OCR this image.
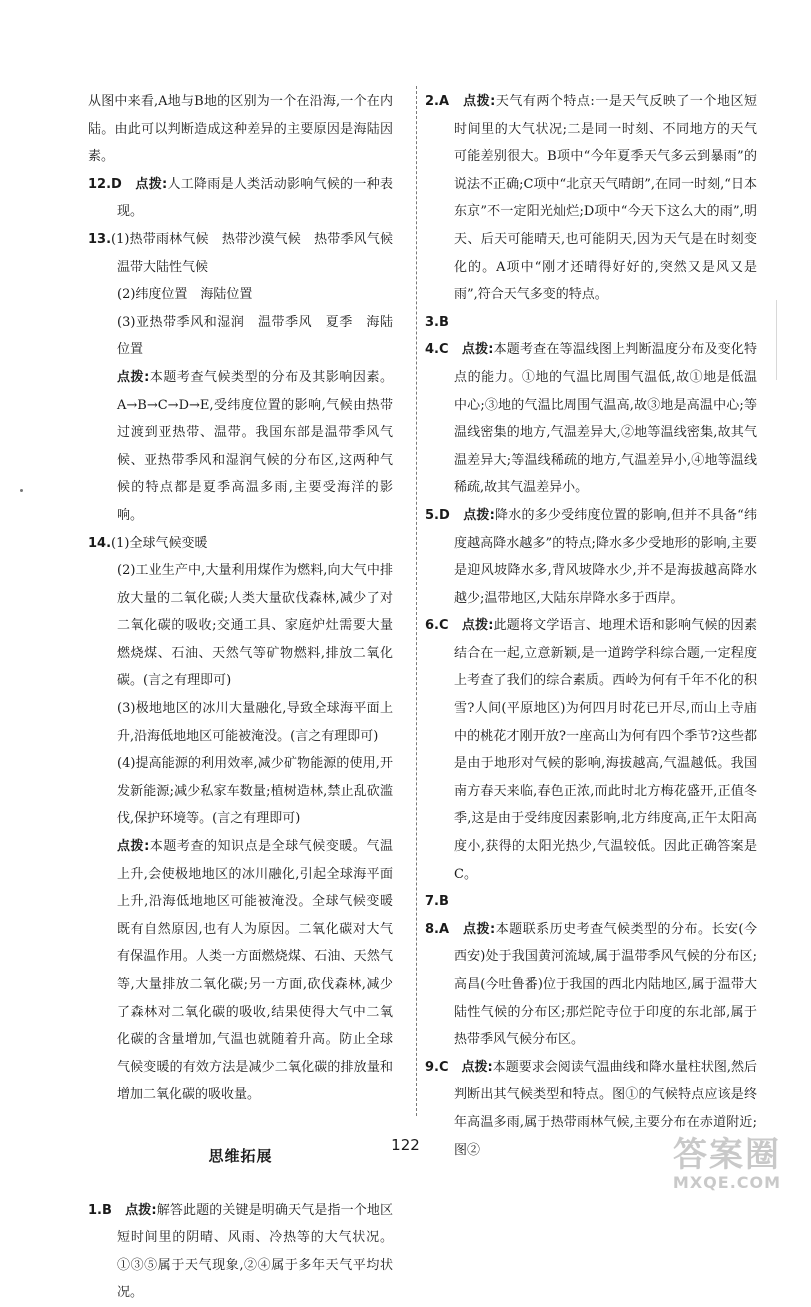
从图中来看,A地与B地的区别为一个在沿海,一个在内陆。由此可以判断造成这种差异的主要原因是海陆因素。

12.D　 点拨:人工降雨是人类活动影响气候的一种表现。

13.(1)热带雨林气候　热带沙漠气候　热带季风气候　温带大陆性气候

(2)纬度位置　海陆位置

(3)亚热带季风和湿润　温带季风　夏季　海陆位置

点拨:本题考查气候类型的分布及其影响因素。A→B→C→D→E,受纬度位置的影响,气候由热带过渡到亚热带、温带。我国东部是温带季风气候、亚热带季风和湿润气候的分布区,这两种气候的特点都是夏季高温多雨,主要受海洋的影响。

14.(1)全球气候变暖

(2)工业生产中,大量利用煤作为燃料,向大气中排放大量的二氧化碳;人类大量砍伐森林,减少了对二氧化碳的吸收;交通工具、家庭炉灶需要大量燃烧煤、石油、天然气等矿物燃料,排放二氧化碳。(言之有理即可)

(3)极地地区的冰川大量融化,导致全球海平面上升,沿海低地地区可能被淹没。(言之有理即可)

(4)提高能源的利用效率,减少矿物能源的使用,开发新能源;减少私家车数量;植树造林,禁止乱砍滥伐,保护环境等。(言之有理即可)

点拨:本题考查的知识点是全球气候变暖。气温上升,会使极地地区的冰川融化,引起全球海平面上升,沿海低地地区可能被淹没。全球气候变暖既有自然原因,也有人为原因。二氧化碳对大气有保温作用。人类一方面燃烧煤、石油、天然气等,大量排放二氧化碳;另一方面,砍伐森林,减少了森林对二氧化碳的吸收,结果使得大气中二氧化碳的含量增加,气温也就随着升高。防止全球气候变暖的有效方法是减少二氧化碳的排放量和增加二氧化碳的吸收量。

思维拓展

1.B　 点拨:解答此题的关键是明确天气是指一个地区短时间里的阴晴、风雨、冷热等的大气状况。①③⑤属于天气现象,②④属于多年天气平均状况。

2.A　 点拨:天气有两个特点:一是天气反映了一个地区短时间里的大气状况;二是同一时刻、不同地方的天气可能差别很大。B项中“今年夏季天气多云到暴雨”的说法不正确;C项中“北京天气晴朗”,在同一时刻,“日本东京”不一定阳光灿烂;D项中“今天下这么大的雨”,明天、后天可能晴天,也可能阴天,因为天气是在时刻变化的。A项中“刚才还晴得好好的,突然又是风又是雨”,符合天气多变的特点。

3.B

4.C　 点拨:本题考查在等温线图上判断温度分布及变化特点的能力。①地的气温比周围气温低,故①地是低温中心;③地的气温比周围气温高,故③地是高温中心;等温线密集的地方,气温差异大,②地等温线密集,故其气温差异大;等温线稀疏的地方,气温差异小,④地等温线稀疏,故其气温差异小。

5.D　 点拨:降水的多少受纬度位置的影响,但并不具备“纬度越高降水越多”的特点;降水多少受地形的影响,主要是迎风坡降水多,背风坡降水少,并不是海拔越高降水越少;温带地区,大陆东岸降水多于西岸。

6.C　 点拨:此题将文学语言、地理术语和影响气候的因素结合在一起,立意新颖,是一道跨学科综合题,一定程度上考查了我们的综合素质。西岭为何有千年不化的积雪?人间(平原地区)为何四月时花已开尽,而山上寺庙中的桃花才刚开放?一座高山为何有四个季节?这些都是由于地形对气候的影响,海拔越高,气温越低。我国南方春天来临,春色正浓,而此时北方梅花盛开,正值冬季,这是由于受纬度因素影响,北方纬度高,正午太阳高度小,获得的太阳光热少,气温较低。因此正确答案是C。

7.B

8.A　 点拨:本题联系历史考查气候类型的分布。长安(今西安)处于我国黄河流域,属于温带季风气候的分布区;高昌(今吐鲁番)位于我国的西北内陆地区,属于温带大陆性气候的分布区;那烂陀寺位于印度的东北部,属于热带季风气候分布区。

9.C　 点拨:本题要求会阅读气温曲线和降水量柱状图,然后判断出其气候类型和特点。图①的气候特点应该是终年高温多雨,属于热带雨林气候,主要分布在赤道附近;图②

122	答案圈
MXQE.COM
